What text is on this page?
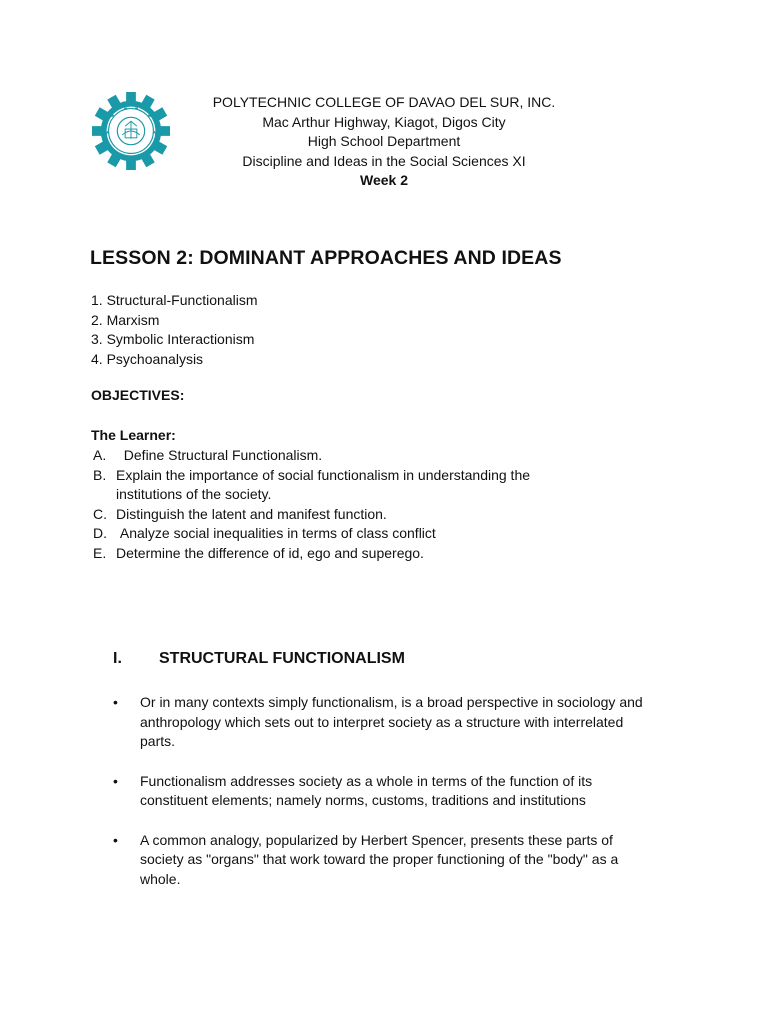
POLYTECHNIC COLLEGE OF DAVAO DEL SUR, INC.
Mac Arthur Highway, Kiagot, Digos City
High School Department
Discipline and Ideas in the Social Sciences XI
Week 2
LESSON 2: DOMINANT APPROACHES AND IDEAS
1. Structural-Functionalism
2. Marxism
3. Symbolic Interactionism
4. Psychoanalysis
OBJECTIVES:
The Learner:
A. Define Structural Functionalism.
B. Explain the importance of social functionalism in understanding the institutions of the society.
C. Distinguish the latent and manifest function.
D. Analyze social inequalities in terms of class conflict
E. Determine the difference of id, ego and superego.
I. STRUCTURAL FUNCTIONALISM
•	Or in many contexts simply functionalism, is a broad perspective in sociology and anthropology which sets out to interpret society as a structure with interrelated parts.
•	Functionalism addresses society as a whole in terms of the function of its constituent elements; namely norms, customs, traditions and institutions
•	A common analogy, popularized by Herbert Spencer, presents these parts of society as "organs" that work toward the proper functioning of the "body" as a whole.
